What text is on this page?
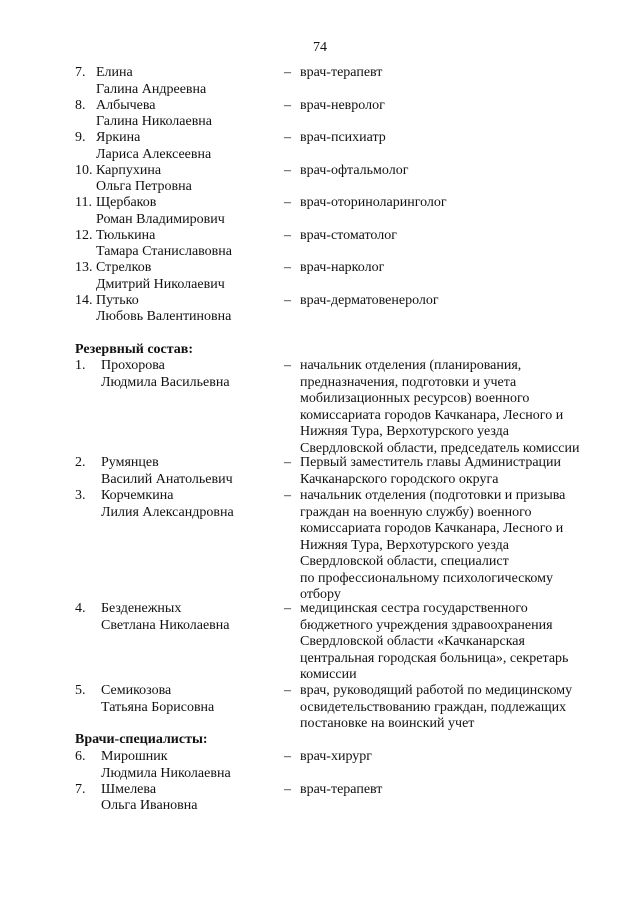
74
7. Елина
Галина Андреевна
– врач-терапевт
8. Албычева
Галина Николаевна
– врач-невролог
9. Яркина
Лариса Алексеевна
– врач-психиатр
10. Карпухина
Ольга Петровна
– врач-офтальмолог
11. Щербаков
Роман Владимирович
– врач-оториноларинголог
12. Тюлькина
Тамара Станиславовна
– врач-стоматолог
13. Стрелков
Дмитрий Николаевич
– врач-нарколог
14. Путько
Любовь Валентиновна
– врач-дерматовенеролог
Резервный состав:
1.	Прохорова
Людмила Васильевна
– начальник отделения (планирования,
предназначения, подготовки и учета
мобилизационных ресурсов) военного
комиссариата городов Качканара, Лесного и
Нижняя Тура, Верхотурского уезда
Свердловской области, председатель комиссии
2.	Румянцев
Василий Анатольевич
– Первый заместитель главы Администрации
Качканарского городского округа
3.	Корчемкина
Лилия Александровна
– начальник отделения (подготовки и призыва
граждан на военную службу) военного
комиссариата городов Качканара, Лесного и
Нижняя Тура, Верхотурского уезда
Свердловской области, специалист
по профессиональному психологическому
отбору
4.	Безденежных
Светлана Николаевна
– медицинская сестра государственного
бюджетного учреждения здравоохранения
Свердловской области «Качканарская
центральная городская больница», секретарь
комиссии
5.	Семикозова
Татьяна Борисовна
– врач, руководящий работой по медицинскому
освидетельствованию граждан, подлежащих
постановке на воинский учет
Врачи-специалисты:
6.	Мирошник
Людмила Николаевна
– врач-хирург
7.	Шмелева
Ольга Ивановна
– врач-терапевт
